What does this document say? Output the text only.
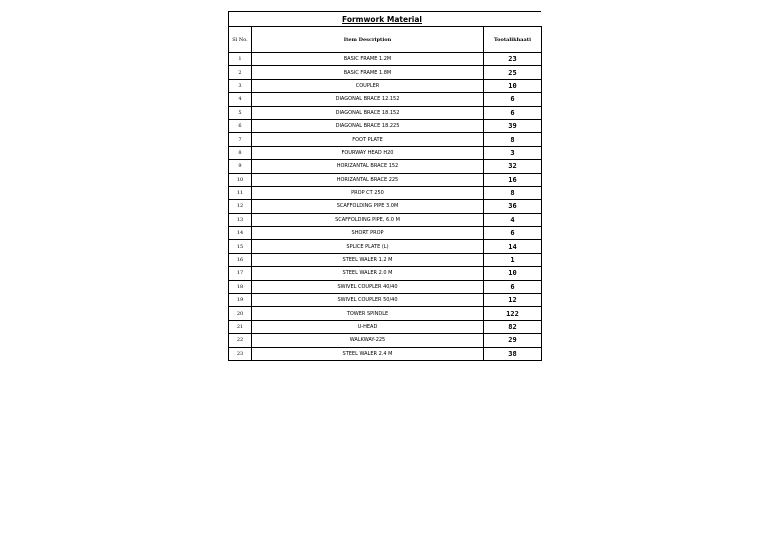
Formwork Material
Sl No.	Item Description	Tootalikhaati
1	BASIC FRAME 1.2M	23
2	BASIC FRAME 1.8M	25
3	COUPLER	10
4	DIAGONAL BRACE 12.152	6
5	DIAGONAL BRACE 18.152	6
6	DIAGONAL BRACE 18.225	39
7	FOOT PLATE	8
8	FOURWAY HEAD H20	3
9	HORIZANTAL BRACE 152	32
10	HORIZANTAL BRACE 225	16
11	PROP CT 250	8
12	SCAFFOLDING PIPE 3.0M	36
13	SCAFFOLDING PIPE, 6.0 M	4
14	SHORT PROP	6
15	SPLICE PLATE (L)	14
16	STEEL WALER 1.2 M	1
17	STEEL WALER 2.0 M	10
18	SWIVEL COUPLER 40/40	6
19	SWIVEL COUPLER 50/40	12
20	TOWER SPINDLE	122
21	U-HEAD	82
22	WALKWAY-225	29
23	STEEL WALER 2.4 M	38
